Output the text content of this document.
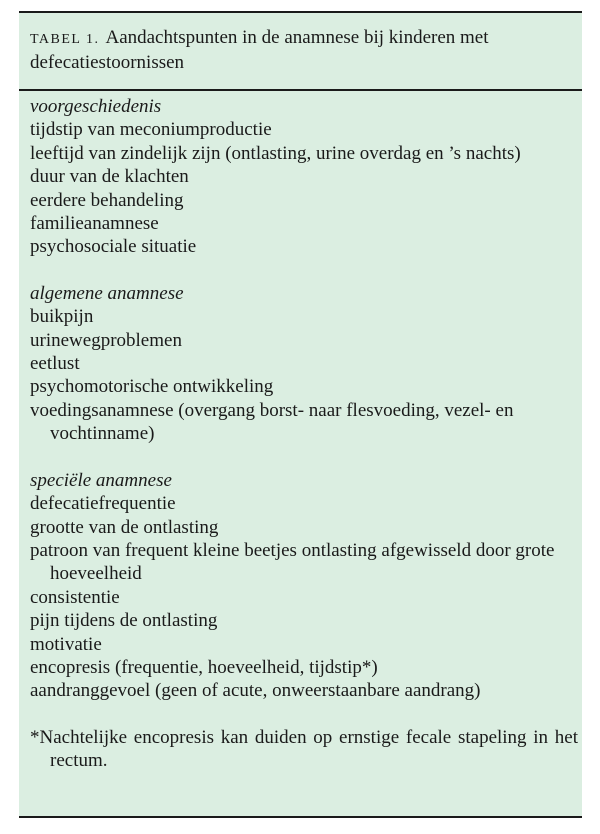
TABEL 1. Aandachtspunten in de anamnese bij kinderen met defecatiestoornissen
voorgeschiedenis
tijdstip van meconiumproductie
leeftijd van zindelijk zijn (ontlasting, urine overdag en ’s nachts)
duur van de klachten
eerdere behandeling
familieanamnese
psychosociale situatie
algemene anamnese
buikpijn
urinewegproblemen
eetlust
psychomotorische ontwikkeling
voedingsanamnese (overgang borst- naar flesvoeding, vezel- en vochtinname)
speciële anamnese
defecatiefrequentie
grootte van de ontlasting
patroon van frequent kleine beetjes ontlasting afgewisseld door grote hoeveelheid
consistentie
pijn tijdens de ontlasting
motivatie
encopresis (frequentie, hoeveelheid, tijdstip*)
aandranggevoel (geen of acute, onweerstaanbare aandrang)
*Nachtelijke encopresis kan duiden op ernstige fecale stapeling in het rectum.
